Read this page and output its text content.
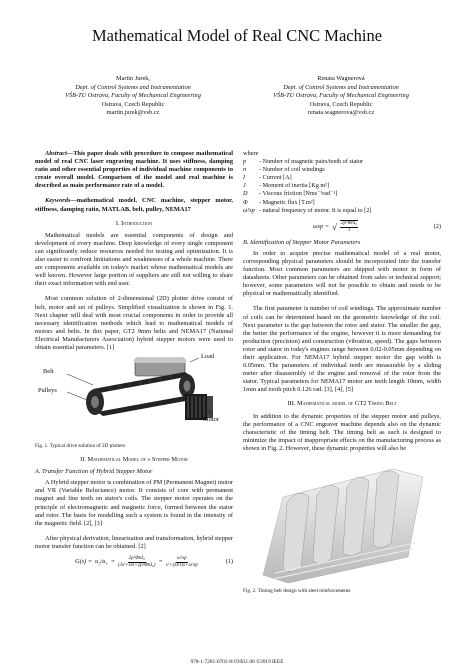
Mathematical Model of Real CNC Machine
Martin Jurek,
Dept. of Control Systems and Instrumentation
VŠB-TU Ostrava, Faculty of Mechanical Engineering
Ostrava, Czech Republic
martin.jurek@vsb.cz
Renata Wagnerová
Dept. of Control Systems and Instrumentation
VŠB-TU Ostrava, Faculty of Mechanical Engineering
Ostrava, Czech Republic
renata.wagnerova@vsb.cz

Abstract—This paper deals with procedure to compose mathematical model of real CNC laser engraving machine. It uses stiffness, damping ratio and other essential properties of individual machine components to create overall model. Comparison of the model and real machine is described as main performance rate of a model.

Keywords—mathematical model, CNC machine, stepper motor, stiffness, damping ratio, MATLAB, belt, pulley, NEMA17

I. Introduction

Mathematical models are essential components of design and development of every machine. Deep knowledge of every single component can significantly reduce resources needed for testing and optimization. It is also easier to confront limitations and weaknesses of a whole machine. There are components available on today's market whose mathematical models are well known. However large portion of suppliers are still not willing to share their exact information with end user.

Most common solution of 2-dimensional (2D) plotter drive consist of belt, motor and set of pulleys. Simplified visualization is shown in Fig. 1. Next chapter will deal with most crucial components in order to provide all necessary identification methods which lead to mathematical models of motors and belts. In this paper, GT2 9mm belts and NEMA17 (National Electrical Manufacturers Association) hybrid stepper motors were used to obtain essential parameters. [1]

Belt
Pulleys
Load
Motor

Fig. 1. Typical drive solution of 2D plotters

II. Mathematical Model of a Stepper Motor

A. Transfer Function of Hybrid Stepper Motor

A Hybrid stepper motor is combination of PM (Permanent Magnet) motor and VR (Variable Reluctance) motor. It consists of core with permanent magnet and fine teeth on stator's coils. The stepper motor operates on the principle of electromagnetic and magnetic force, formed between the stator and rotor. The basis for modelling such a system is found in the intensity of the magnetic field. [2], [3]

After physical derivation, linearization and transformation, hybrid stepper motor transfer function can be obtained. [2]

$G(s) = u_2/u_1 = \frac{\text{2p²ΦnI₀}}{\text{(Js²+Ds+2p²ΦnI₀)}} = \frac{\text{ω²sp}}{\text{s²+(D/J)s+ω²sp}}$	(1)

where

p	- Number of magnetic pairs/teeth of stator
n	- Number of coil windings
I	- Current [A]
J	- Moment of inertia [Kg m²]
D	- Viscous friction [Nms⁻¹rad⁻¹]
Φ	- Magnetic flux [T.m²]
ω²sp - natural frequency of motor. It is equal to [2]
ωsp = √ $\frac{\text{2p²ΦnI₀}}{J}$	(2)

B. Identification of Stepper Motor Parameters

In order to acquire precise mathematical model of a real motor, corresponding physical parameters should be incorporated into the transfer function. Most common parameters are shipped with motor in form of datasheets. Other parameters can be obtained from sales or technical support; however, some parameters will not be possible to obtain and needs to be physical or mathematically identified.

The first parameter is number of coil windings. The approximate number of coils can be determined based on the geometric knowledge of the coil. Next parameter is the gap between the rotor and stator. The smaller the gap, the better the performance of the engine, however it is more demanding for production (precision) and construction (vibration, speed). The gaps between rotor and stator in today's engines range between 0.02-0.05mm depending on their application. For NEMA17 hybrid stepper motor the gap width is 0.05mm. The parameters of individual teeth are measurable by a sliding meter after disassembly of the engine and removal of the rotor from the stator. Typical parameters for NEMA17 motor are teeth length 10mm, width 1mm and tooth pitch 0.126 rad. [3], [4], [5]

III. Mathematical model of GT2 Timing Belt

In addition to the dynamic properties of the stepper motor and pulleys, the performance of a CNC engraver machine depends also on the dynamic characteristic of the timing belt. The timing belt as such is designed to minimize the impact of inappropriate effects on the manufacturing process as shown in Fig. 2. However, these dynamic properties will also be

Fig. 2. Timing belt design with steel reinforcements

978-1-7281-0702-8/19/$31.00 ©2019 IEEE
